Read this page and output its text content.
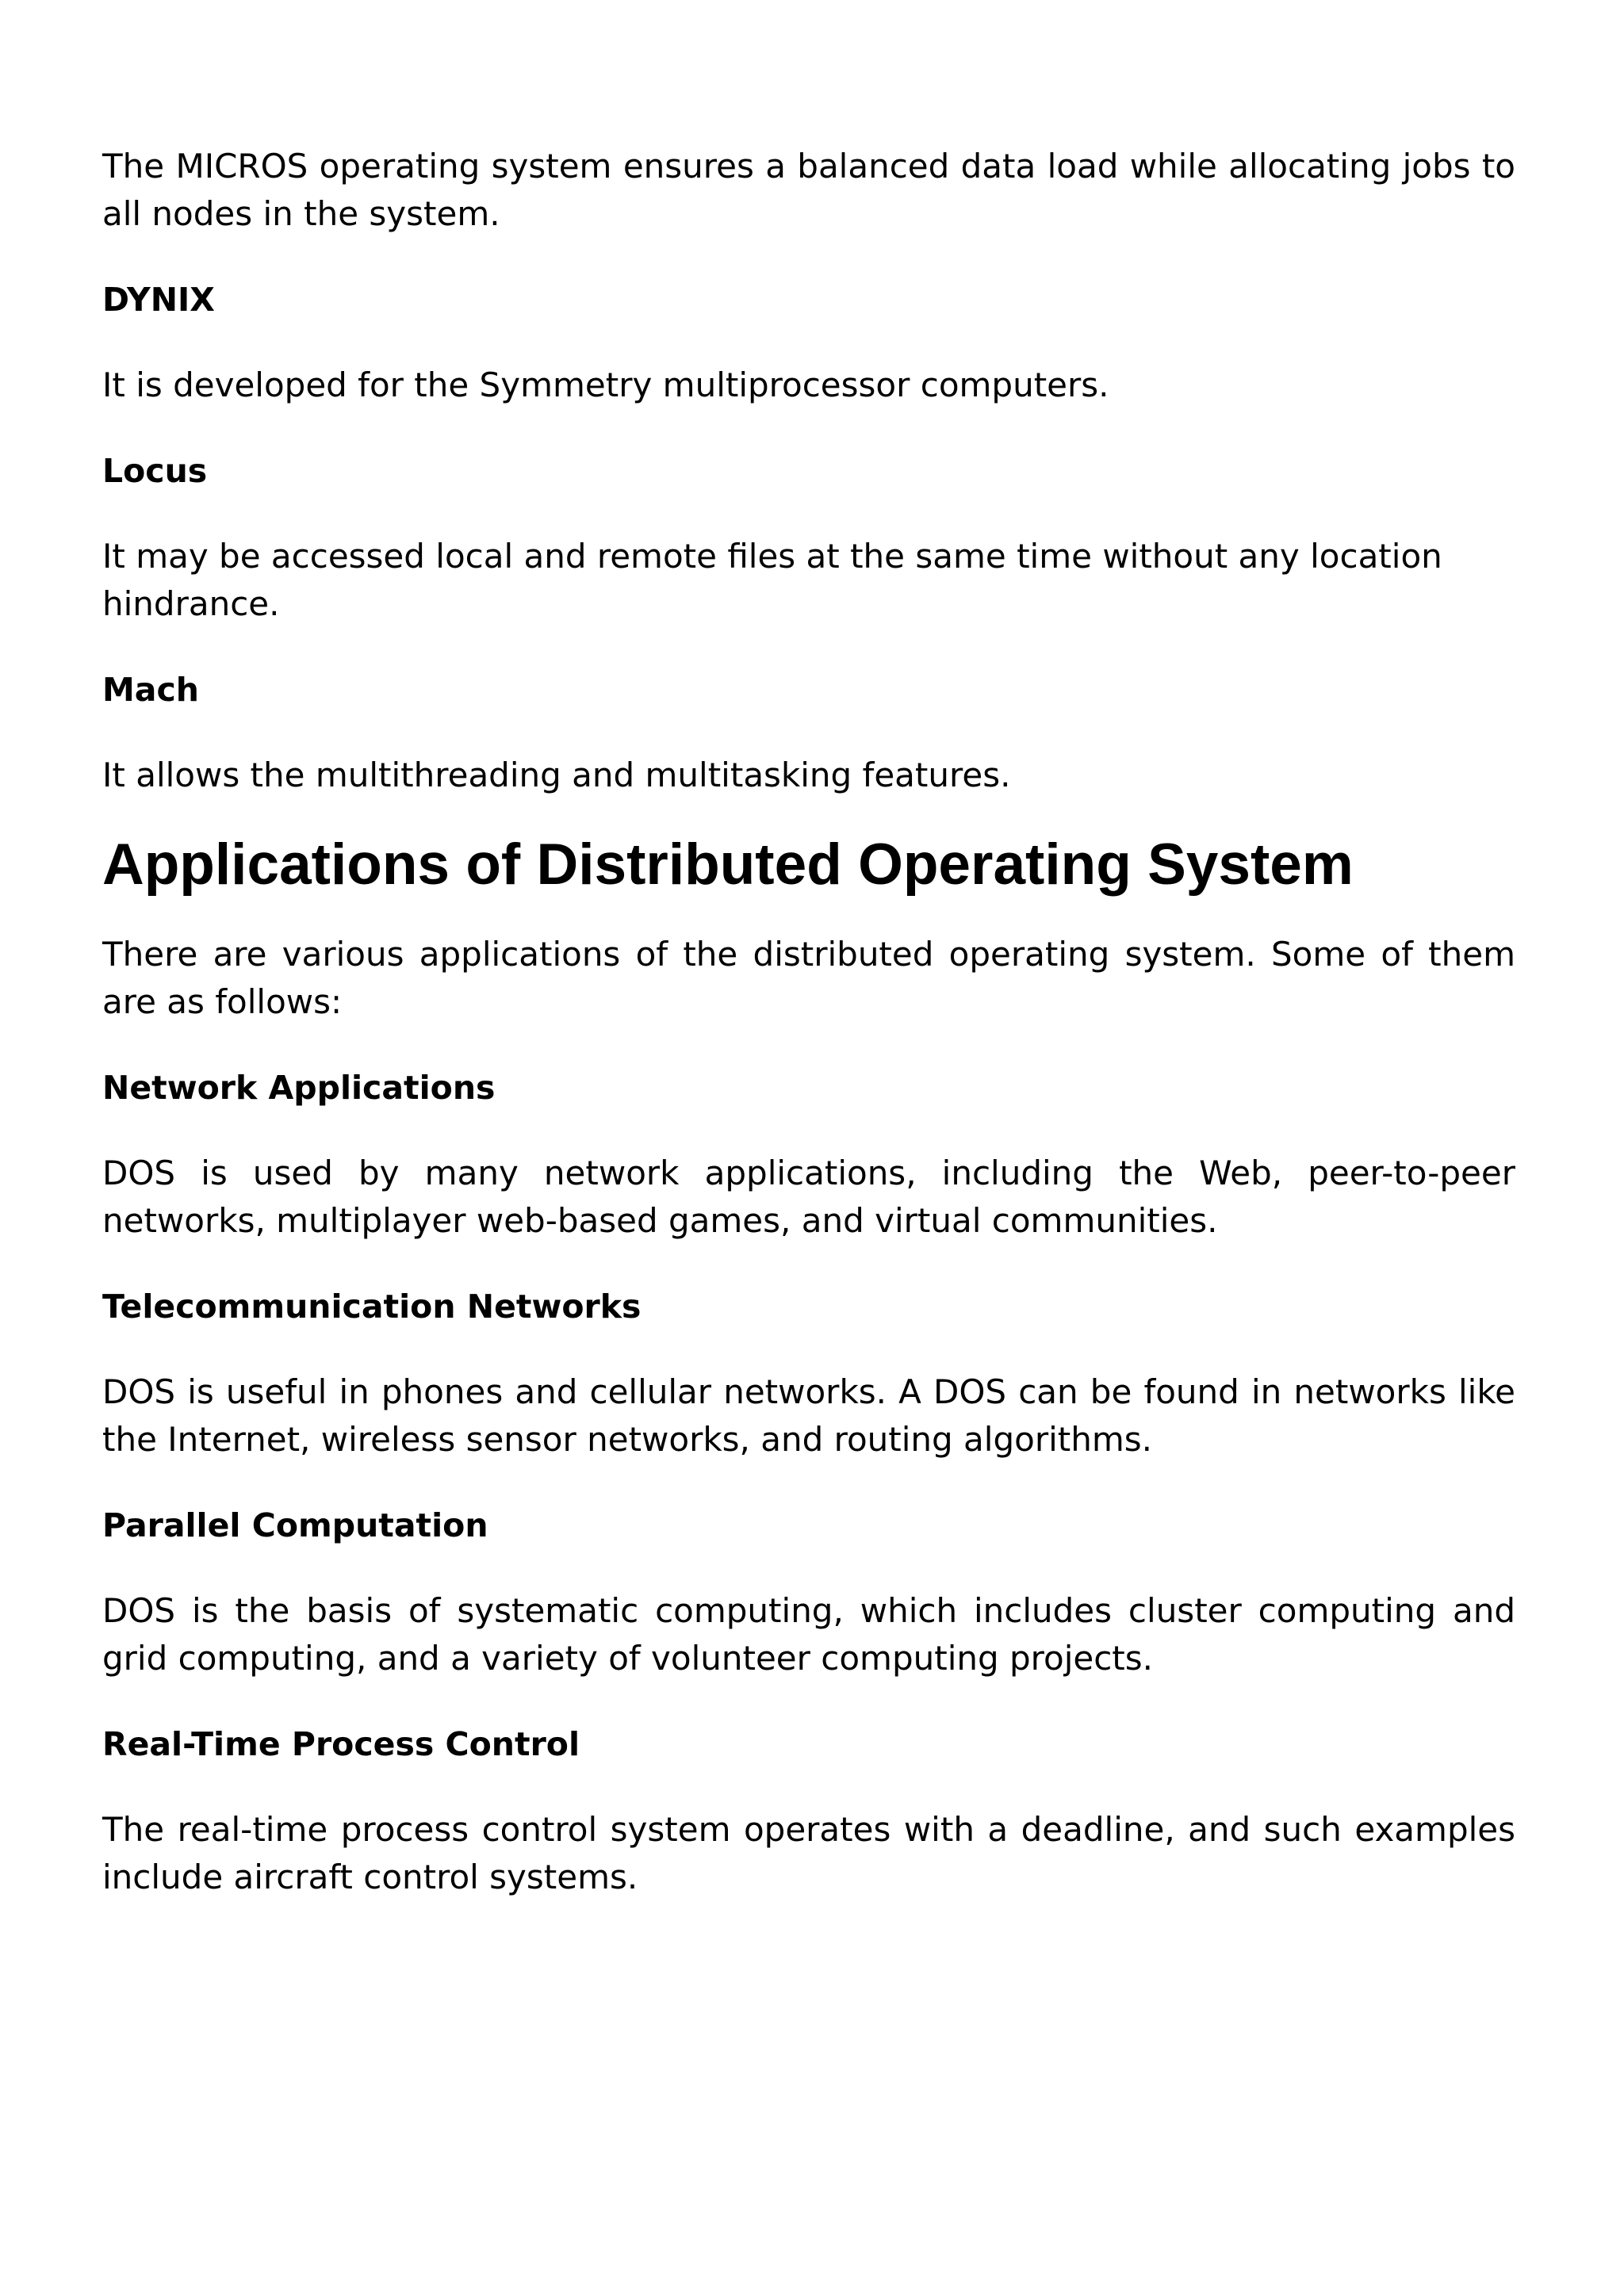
The MICROS operating system ensures a balanced data load while allocating jobs to all nodes in the system.

DYNIX

It is developed for the Symmetry multiprocessor computers.

Locus

It may be accessed local and remote files at the same time without any location hindrance.

Mach

It allows the multithreading and multitasking features.

Applications of Distributed Operating System

There are various applications of the distributed operating system. Some of them are as follows:

Network Applications

DOS is used by many network applications, including the Web, peer-to-peer networks, multiplayer web-based games, and virtual communities.

Telecommunication Networks

DOS is useful in phones and cellular networks. A DOS can be found in networks like the Internet, wireless sensor networks, and routing algorithms.

Parallel Computation

DOS is the basis of systematic computing, which includes cluster computing and grid computing, and a variety of volunteer computing projects.

Real-Time Process Control

The real-time process control system operates with a deadline, and such examples include aircraft control systems.
